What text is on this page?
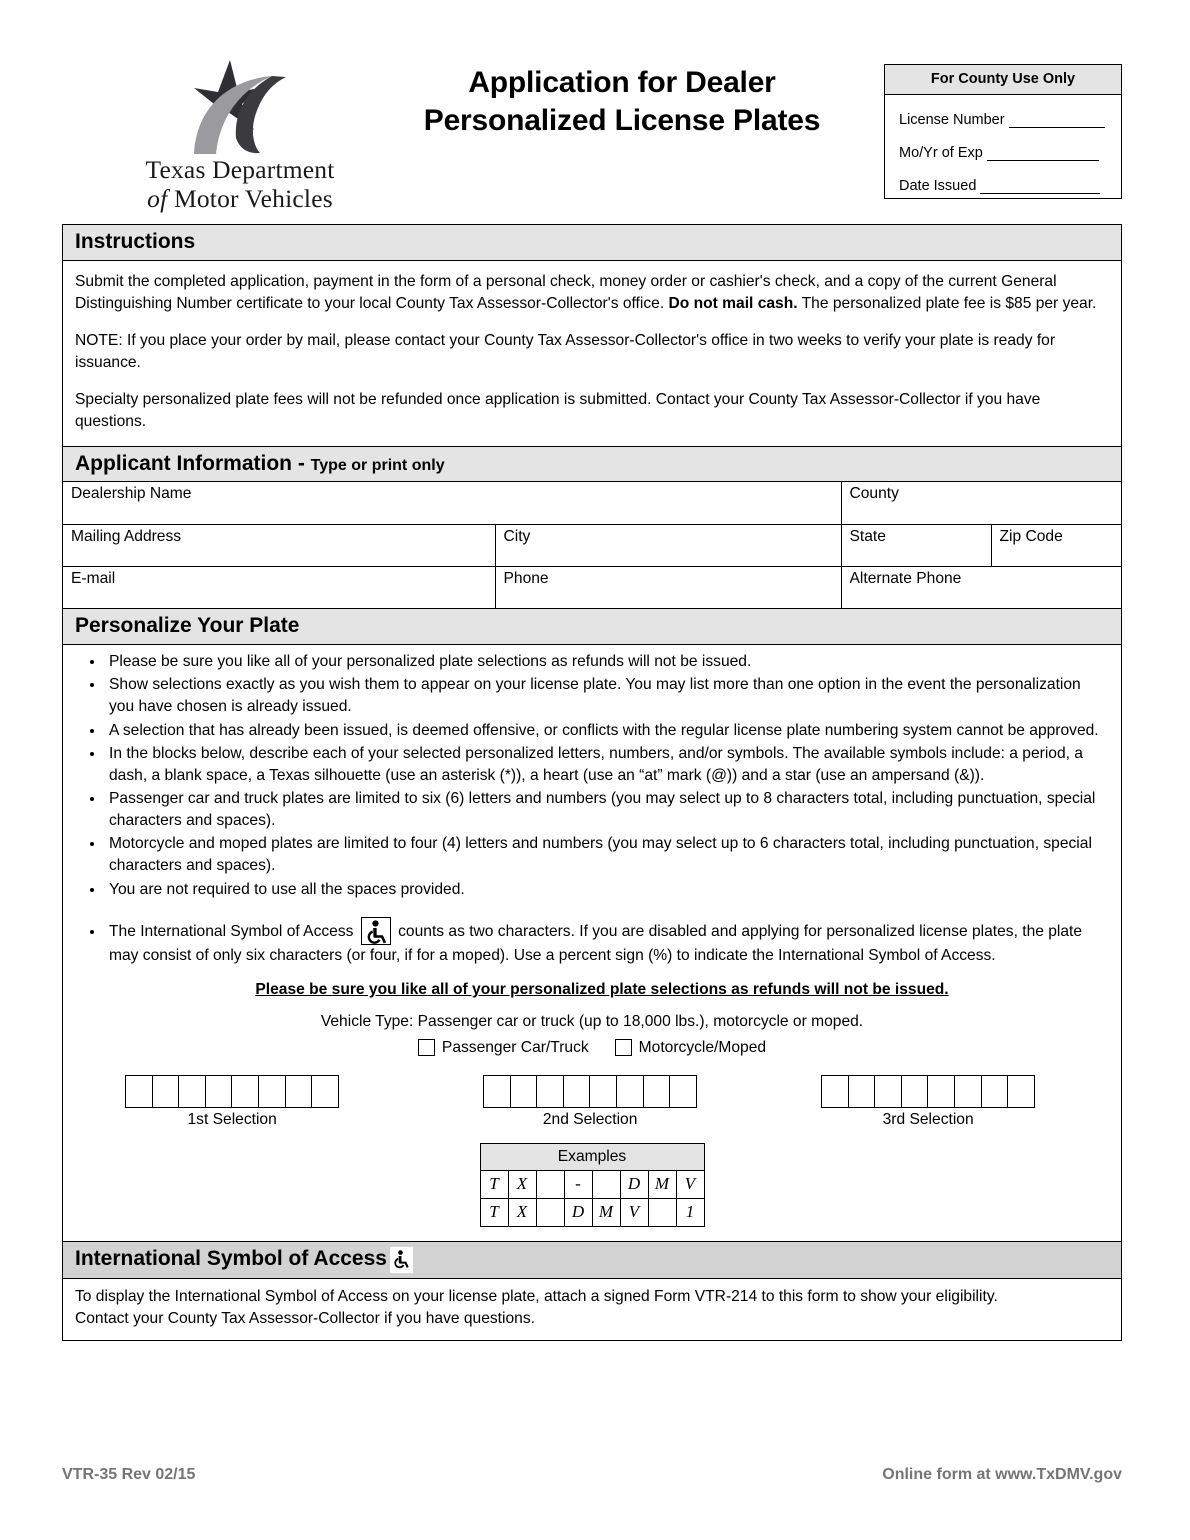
Texas Department
of Motor Vehicles
Application for Dealer
Personalized License Plates
For County Use Only
License Number
Mo/Yr of Exp
Date Issued
Instructions

Submit the completed application, payment in the form of a personal check, money order or cashier's check, and a copy of the current General Distinguishing Number certificate to your local County Tax Assessor-Collector's office. Do not mail cash. The personalized plate fee is $85 per year.

NOTE: If you place your order by mail, please contact your County Tax Assessor-Collector's office in two weeks to verify your plate is ready for issuance.

Specialty personalized plate fees will not be refunded once application is submitted. Contact your County Tax Assessor-Collector if you have questions.

Applicant Information - Type or print only
Dealership Name		County	
Mailing Address	City	State	Zip Code
E-mail	Phone	Alternate Phone	
Personalize Your Plate
• Please be sure you like all of your personalized plate selections as refunds will not be issued.
• Show selections exactly as you wish them to appear on your license plate. You may list more than one option in the event the personalization you have chosen is already issued.
• A selection that has already been issued, is deemed offensive, or conflicts with the regular license plate numbering system cannot be approved.
• In the blocks below, describe each of your selected personalized letters, numbers, and/or symbols. The available symbols include: a period, a dash, a blank space, a Texas silhouette (use an asterisk (*)), a heart (use an “at” mark (@)) and a star (use an ampersand (&)).
• Passenger car and truck plates are limited to six (6) letters and numbers (you may select up to 8 characters total, including punctuation, special characters and spaces).
• Motorcycle and moped plates are limited to four (4) letters and numbers (you may select up to 6 characters total, including punctuation, special characters and spaces).
• You are not required to use all the spaces provided.
• The International Symbol of Access	counts as two characters. If you are disabled and applying for personalized license plates, the plate may consist of only six characters (or four, if for a moped). Use a percent sign (%) to indicate the International Symbol of Access.
Please be sure you like all of your personalized plate selections as refunds will not be issued.
Vehicle Type: Passenger car or truck (up to 18,000 lbs.), motorcycle or moped.
Passenger Car/Truck	Motorcycle/Moped
1st Selection	2nd Selection	3rd Selection
Examples							
T	X		-		D	M	V
T	X		D	M	V		1
International Symbol of Access

To display the International Symbol of Access on your license plate, attach a signed Form VTR-214 to this form to show your eligibility.

Contact your County Tax Assessor-Collector if you have questions.

VTR-35 Rev 02/15	Online form at www.TxDMV.gov
